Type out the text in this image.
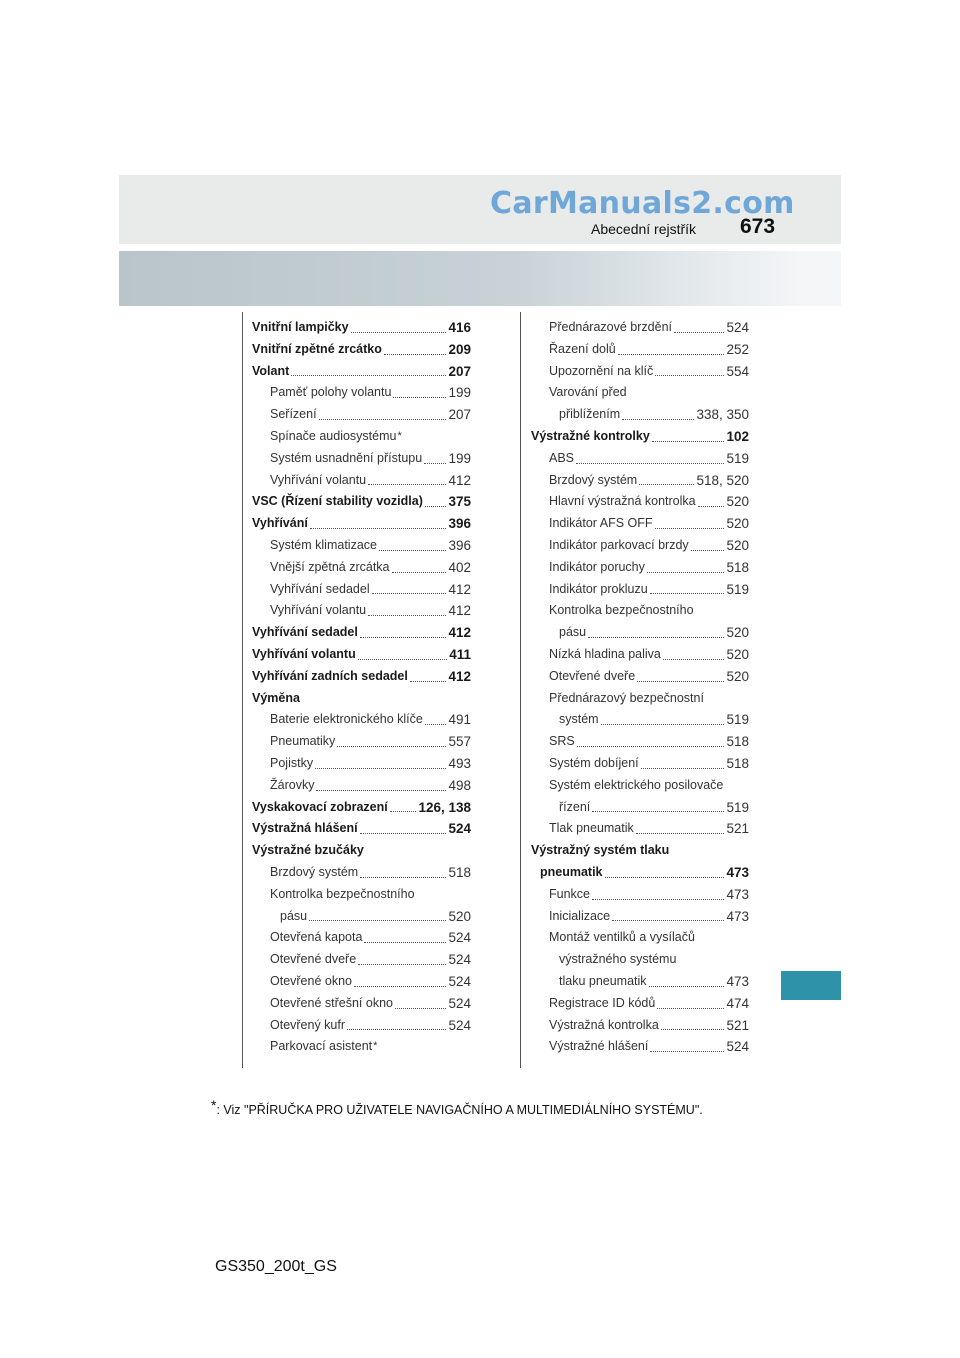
CarManuals2.com
Abecední rejstřík 673
Vnitřní lampičky	416
Vnitřní zpětné zrcátko	209
Volant	207
Paměť polohy volantu	199
Seřízení	207
Spínače audiosystému *
Systém usnadnění přístupu 199
Vyhřívání volantu	412
VSC (Řízení stability vozidla) 375
Vyhřívání	396
Systém klimatizace	396
Vnější zpětná zrcátka	402
Vyhřívání sedadel	412
Vyhřívání volantu	412
Vyhřívání sedadel	412
Vyhřívání volantu	411
Vyhřívání zadních sedadel	412
Výměna
Baterie elektronického klíče 491
Pneumatiky	557
Pojistky	493
Žárovky	498
Vyskakovací zobrazení 126, 138
Výstražná hlášení	524
Výstražné bzučáky
Brzdový systém	518
Kontrolka bezpečnostního
pásu	520
Otevřená kapota	524
Otevřené dveře	524
Otevřené okno	524
Otevřené střešní okno	524
Otevřený kufr	524
Parkovací asistent *
Přednárazové brzdění	524
Řazení dolů	252
Upozornění na klíč	554
Varování před
přiblížením	338, 350
Výstražné kontrolky	102
ABS	519
Brzdový systém	518, 520
Hlavní výstražná kontrolka 520
Indikátor AFS OFF	520
Indikátor parkovací brzdy	520
Indikátor poruchy	518
Indikátor prokluzu	519
Kontrolka bezpečnostního
pásu	520
Nízká hladina paliva	520
Otevřené dveře	520
Přednárazový bezpečnostní
systém	519
SRS	518
Systém dobíjení	518
Systém elektrického posilovače
řízení	519
Tlak pneumatik	521
Výstražný systém tlaku
pneumatik	473
Funkce	473
Inicializace	473
Montáž ventilků a vysílačů
výstražného systému
tlaku pneumatik	473
Registrace ID kódů	474
Výstražná kontrolka	521
Výstražné hlášení	524
*: Viz "PŘÍRUČKA PRO UŽIVATELE NAVIGAČNÍHO A MULTIMEDIÁLNÍHO SYSTÉMU".
GS350_200t_GS
